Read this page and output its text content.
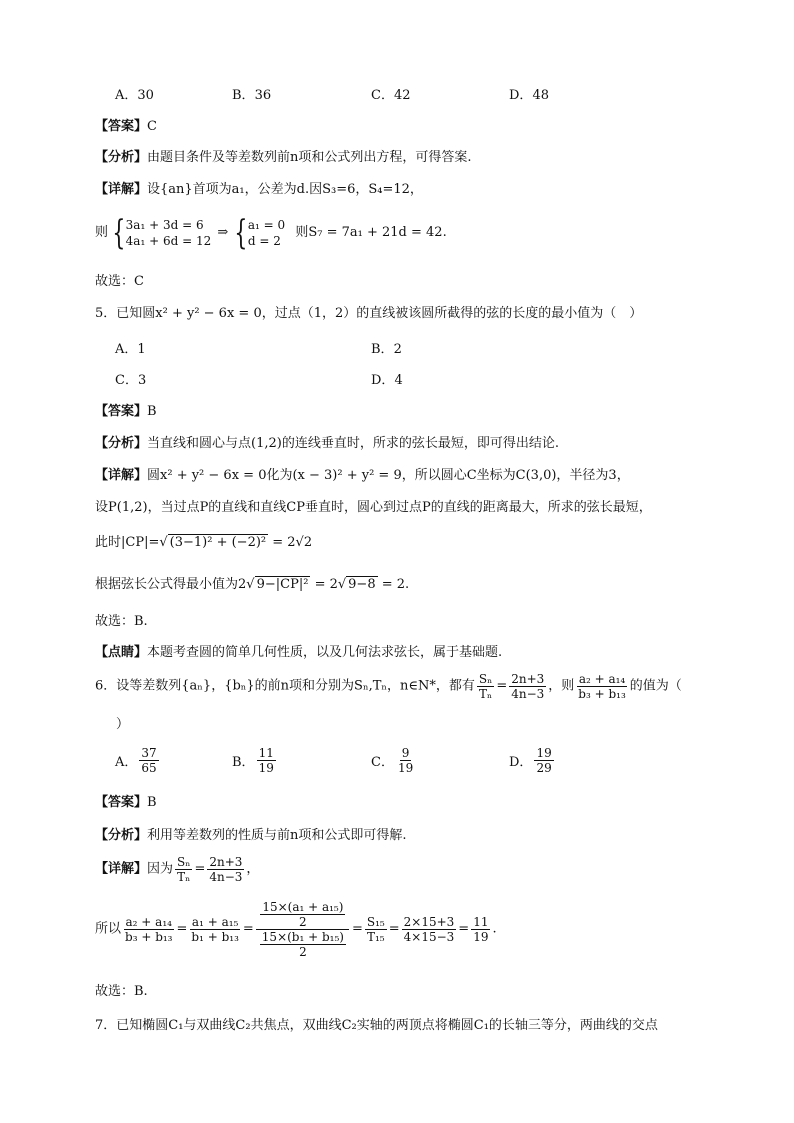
A．30	B．36	C．42	D．48
【答案】C
【分析】由题目条件及等差数列前n项和公式列出方程，可得答案.
【详解】设{an}首项为a₁，公差为d.因S₃=6，S₄=12，
则 {3a₁ + 3d = 6
4a₁ + 6d = 12 ⇒ {a₁ = 0
d = 2 则S₇ = 7a₁ + 21d = 42.
故选：C
5．已知圆x² + y² − 6x = 0，过点（1，2）的直线被该圆所截得的弦的长度的最小值为（　）
A．1	B．2
C．3	D．4
【答案】B
【分析】当直线和圆心与点(1,2)的连线垂直时，所求的弦长最短，即可得出结论.
【详解】圆x² + y² − 6x = 0化为(x − 3)² + y² = 9，所以圆心C坐标为C(3,0)，半径为3，
设P(1,2)，当过点P的直线和直线CP垂直时，圆心到过点P的直线的距离最大，所求的弦长最短，
此时|CP|=√ (3−1)² + (−2)² = 2√2
根据弦长公式得最小值为2√ 9−|CP|² = 2√ 9−8 = 2.
故选：B.
【点睛】本题考查圆的简单几何性质，以及几何法求弦长，属于基础题.
6．设等差数列{aₙ}，{bₙ}的前n项和分别为Sₙ,Tₙ，n∈N*，都有 $\frac{\text{Sₙ}}{\text{Tₙ}} = \frac{2n+3}{4n-3}$ ，则 $\frac{\text{a₂ + a₁₄}}{\text{b₃ + b₁₃}}$ 的值为（
）
A． $\frac{37}{65}$	B． $\frac{11}{19}$	C． $\frac{9}{19}$	D． $\frac{19}{29}$
【答案】B
【分析】利用等差数列的性质与前n项和公式即可得解.
【详解】因为 $\frac{\text{Sₙ}}{\text{Tₙ}} = \frac{2n+3}{4n-3}$ ，
所以 $\frac{\text{a₂ + a₁₄}}{\text{b₃ + b₁₃}} = \frac{\text{a₁ + a₁₅}}{\text{b₁ + b₁₃}} = \frac{\frac{\text{15×(a₁ + a₁₅)}}{2}}{\frac{\text{15×(b₁ + b₁₅)}}{2}} = \frac{\text{S₁₅}}{\text{T₁₅}} = \frac{2\times 15+3}{4\times 15-3} = \frac{11}{19}$ .
故选：B.
7．已知椭圆C₁与双曲线C₂共焦点，双曲线C₂实轴的两顶点将椭圆C₁的长轴三等分，两曲线的交点
